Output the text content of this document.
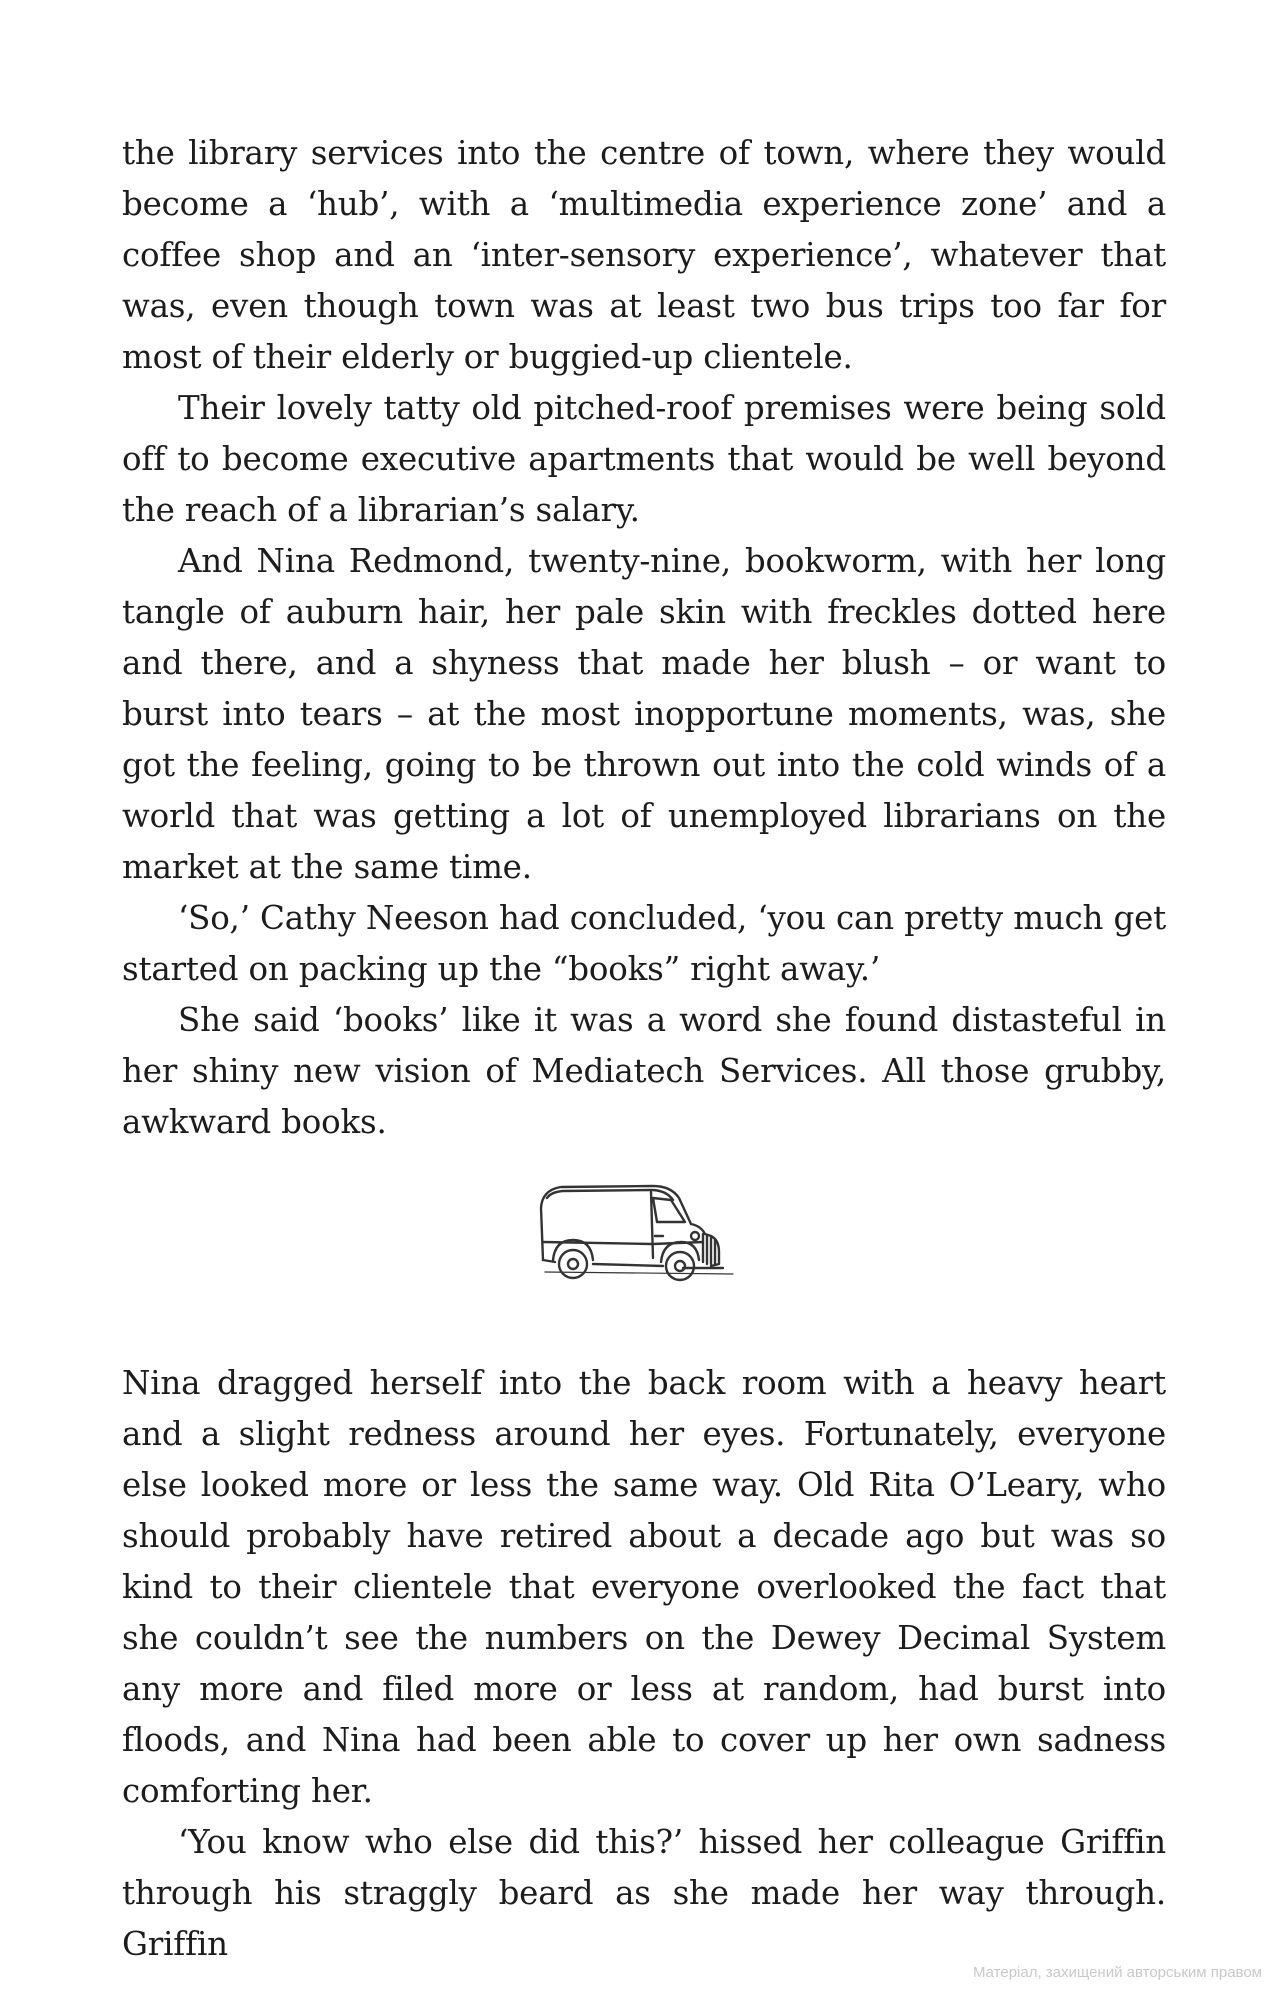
the library services into the centre of town, where they would become a ‘hub’, with a ‘multimedia experience zone’ and a coffee shop and an ‘inter-sensory experience’, whatever that was, even though town was at least two bus trips too far for most of their elderly or buggied-up clientele.

Their lovely tatty old pitched-roof premises were being sold off to become executive apartments that would be well beyond the reach of a librarian’s salary.

And Nina Redmond, twenty-nine, bookworm, with her long tangle of auburn hair, her pale skin with freckles dotted here and there, and a shyness that made her blush – or want to burst into tears – at the most inopportune moments, was, she got the feeling, going to be thrown out into the cold winds of a world that was getting a lot of unemployed librarians on the market at the same time.

‘So,’ Cathy Neeson had concluded, ‘you can pretty much get started on packing up the “books” right away.’

She said ‘books’ like it was a word she found distasteful in her shiny new vision of Mediatech Services. All those grubby, awkward books.

Nina dragged herself into the back room with a heavy heart and a slight redness around her eyes. Fortunately, everyone else looked more or less the same way. Old Rita O’Leary, who should probably have retired about a decade ago but was so kind to their clientele that everyone overlooked the fact that she couldn’t see the numbers on the Dewey Decimal System any more and filed more or less at random, had burst into floods, and Nina had been able to cover up her own sadness comforting her.

‘You know who else did this?’ hissed her colleague Griffin through his straggly beard as she made her way through. Griffin

Матеріал, захищений авторським правом
